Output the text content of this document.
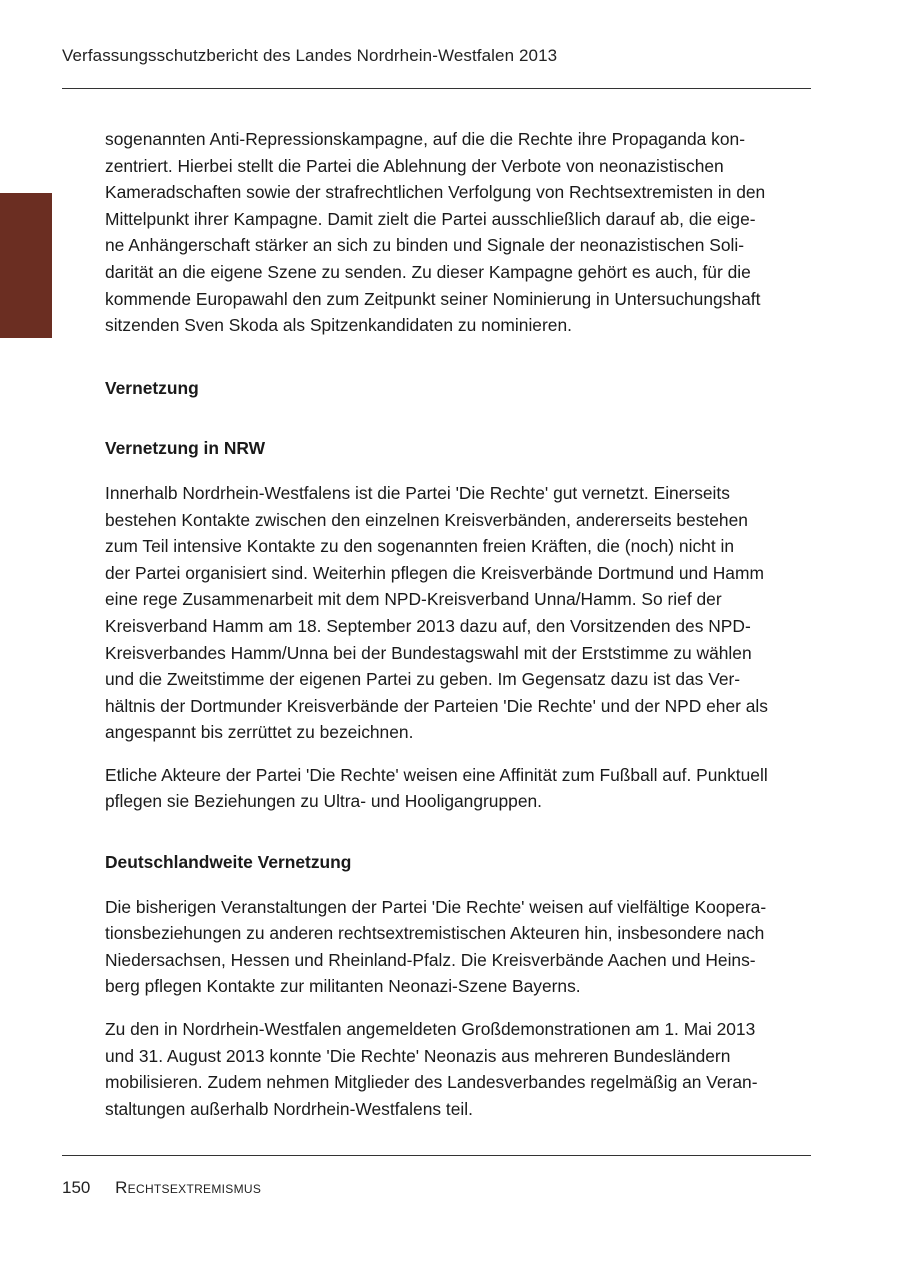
Verfassungsschutzbericht des Landes Nordrhein-Westfalen 2013

sogenannten Anti-Repressionskampagne, auf die die Rechte ihre Propaganda kon-
zentriert. Hierbei stellt die Partei die Ablehnung der Verbote von neonazistischen
Kameradschaften sowie der strafrechtlichen Verfolgung von Rechtsextremisten in den
Mittelpunkt ihrer Kampagne. Damit zielt die Partei ausschließlich darauf ab, die eige-
ne Anhängerschaft stärker an sich zu binden und Signale der neonazistischen Soli-
darität an die eigene Szene zu senden. Zu dieser Kampagne gehört es auch, für die
kommende Europawahl den zum Zeitpunkt seiner Nominierung in Untersuchungshaft
sitzenden Sven Skoda als Spitzenkandidaten zu nominieren.

Vernetzung
Vernetzung in NRW

Innerhalb Nordrhein-Westfalens ist die Partei 'Die Rechte' gut vernetzt. Einerseits
bestehen Kontakte zwischen den einzelnen Kreisverbänden, andererseits bestehen
zum Teil intensive Kontakte zu den sogenannten freien Kräften, die (noch) nicht in
der Partei organisiert sind. Weiterhin pflegen die Kreisverbände Dortmund und Hamm
eine rege Zusammenarbeit mit dem NPD-Kreisverband Unna/Hamm. So rief der
Kreisverband Hamm am 18. September 2013 dazu auf, den Vorsitzenden des NPD-
Kreisverbandes Hamm/Unna bei der Bundestagswahl mit der Erststimme zu wählen
und die Zweitstimme der eigenen Partei zu geben. Im Gegensatz dazu ist das Ver-
hältnis der Dortmunder Kreisverbände der Parteien 'Die Rechte' und der NPD eher als
angespannt bis zerrüttet zu bezeichnen.

Etliche Akteure der Partei 'Die Rechte' weisen eine Affinität zum Fußball auf. Punktuell
pflegen sie Beziehungen zu Ultra- und Hooligangruppen.

Deutschlandweite Vernetzung

Die bisherigen Veranstaltungen der Partei 'Die Rechte' weisen auf vielfältige Kooperа-
tionsbeziehungen zu anderen rechtsextremistischen Akteuren hin, insbesondere nach
Niedersachsen, Hessen und Rheinland-Pfalz. Die Kreisverbände Aachen und Heins-
berg pflegen Kontakte zur militanten Neonazi-Szene Bayerns.

Zu den in Nordrhein-Westfalen angemeldeten Großdemonstrationen am 1. Mai 2013
und 31. August 2013 konnte 'Die Rechte' Neonazis aus mehreren Bundesländern
mobilisieren. Zudem nehmen Mitglieder des Landesverbandes regelmäßig an Veran-
staltungen außerhalb Nordrhein-Westfalens teil.

150 Rechtsextremismus
